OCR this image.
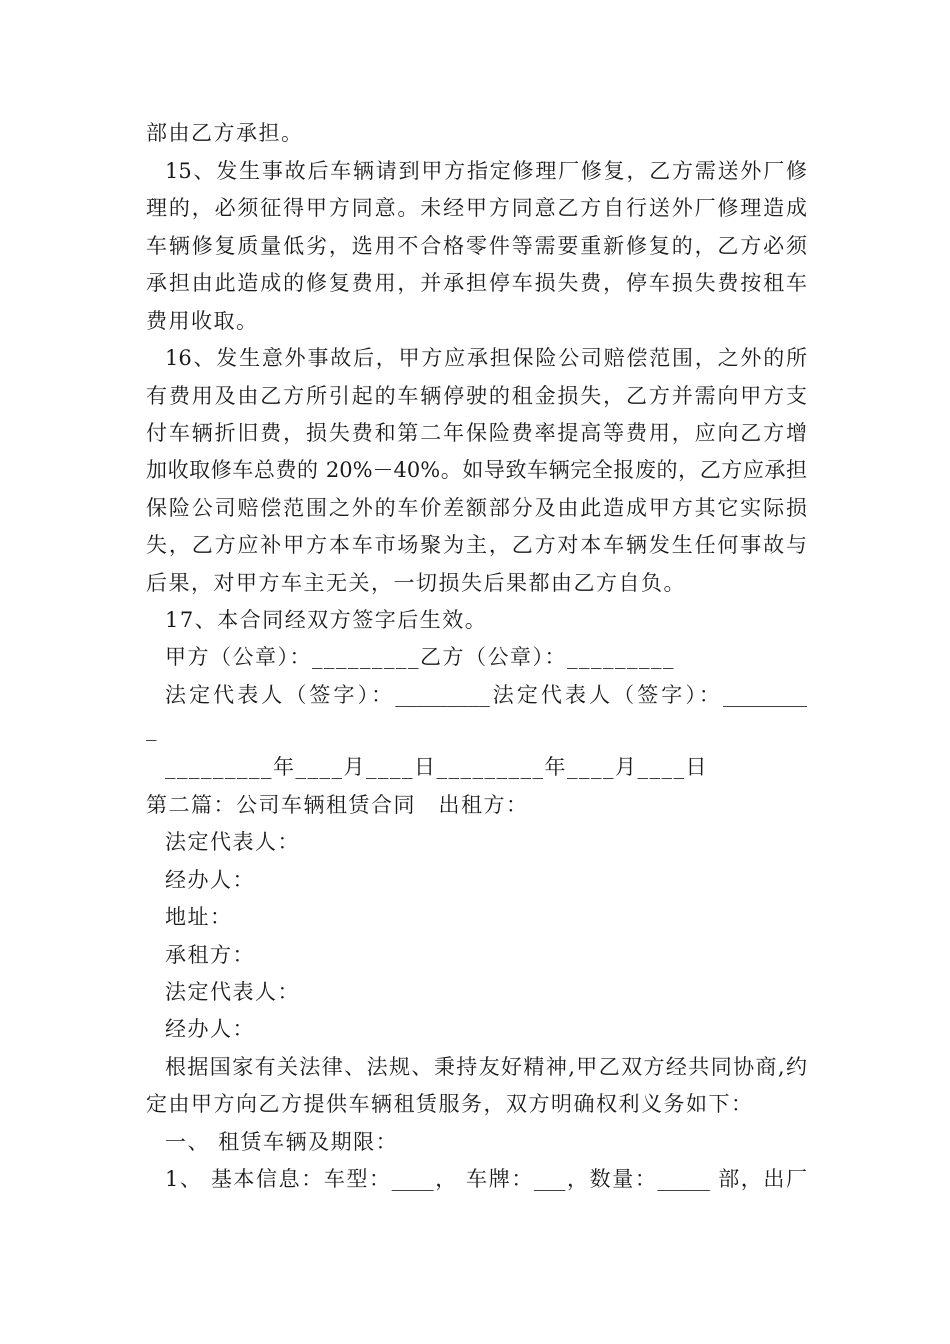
部由乙方承担。
15、发生事故后车辆请到甲方指定修理厂修复，乙方需送外厂修
理的，必须征得甲方同意。未经甲方同意乙方自行送外厂修理造成
车辆修复质量低劣，选用不合格零件等需要重新修复的，乙方必须
承担由此造成的修复费用，并承担停车损失费，停车损失费按租车
费用收取。
16、发生意外事故后，甲方应承担保险公司赔偿范围，之外的所
有费用及由乙方所引起的车辆停驶的租金损失，乙方并需向甲方支
付车辆折旧费，损失费和第二年保险费率提高等费用，应向乙方增
加收取修车总费的 20%－40%。如导致车辆完全报废的，乙方应承担
保险公司赔偿范围之外的车价差额部分及由此造成甲方其它实际损
失，乙方应补甲方本车市场聚为主，乙方对本车辆发生任何事故与
后果，对甲方车主无关，一切损失后果都由乙方自负。
17、本合同经双方签字后生效。
甲方（公章）：_________乙方（公章）：_________
法定代表人（签字）：_________法定代表人（签字）：________
_
_________年____月____日_________年____月____日
第二篇：公司车辆租赁合同　出租方：
法定代表人：
经办人：
地址：
承租方：
法定代表人：
经办人：
根据国家有关法律、法规、秉持友好精神,甲乙双方经共同协商,约
定由甲方向乙方提供车辆租赁服务，双方明确权利义务如下：
一、 租赁车辆及期限：
1、 基本信息：车型：____， 车牌：___，数量：_____ 部，出厂
